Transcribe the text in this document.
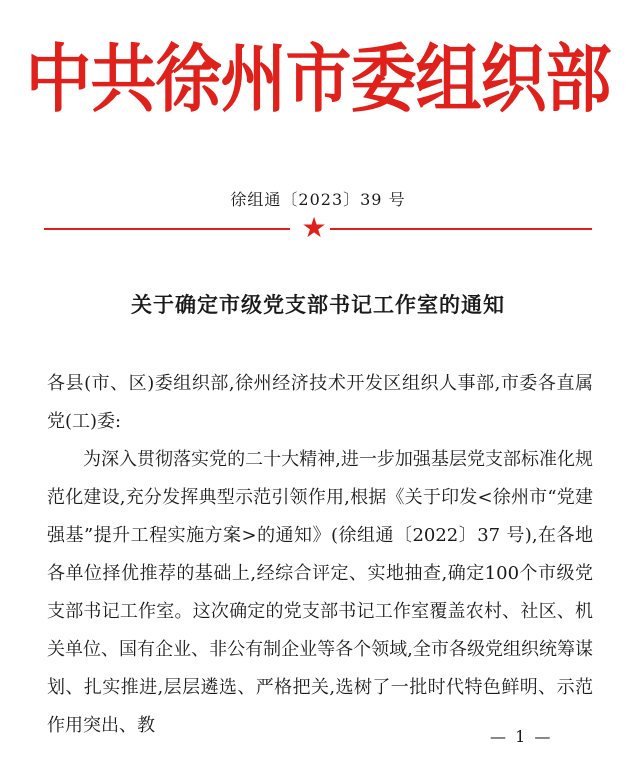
中共徐州市委组织部
徐组通〔2023〕39 号
★
关于确定市级党支部书记工作室的通知

各县(市、区)委组织部,徐州经济技术开发区组织人事部,市委各直属党(工)委:

为深入贯彻落实党的二十大精神,进一步加强基层党支部标准化规范化建设,充分发挥典型示范引领作用,根据《关于印发<徐州市“党建强基”提升工程实施方案>的通知》(徐组通〔2022〕37 号),在各地各单位择优推荐的基础上,经综合评定、实地抽查,确定100个市级党支部书记工作室。这次确定的党支部书记工作室覆盖农村、社区、机关单位、国有企业、非公有制企业等各个领域,全市各级党组织统筹谋划、扎实推进,层层遴选、严格把关,选树了一批时代特色鲜明、示范作用突出、教

— 1 —
